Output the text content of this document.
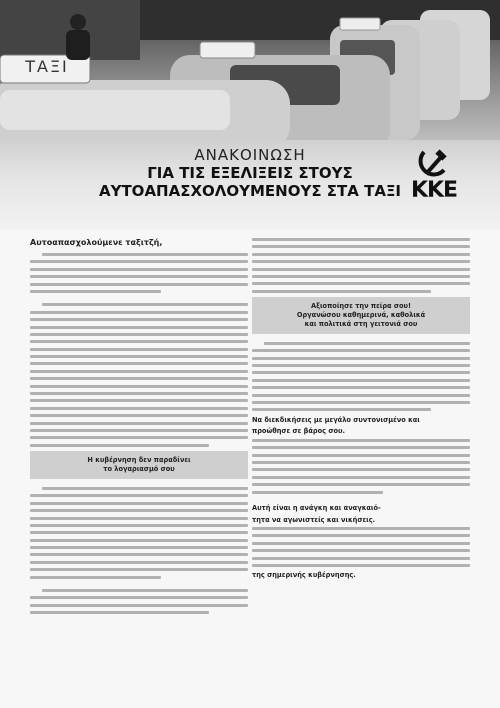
ΤΑΞΙ
ΑΝΑΚΟΙΝΩΣΗ
ΓΙΑ ΤΙΣ ΕΞΕΛΙΞΕΙΣ ΣΤΟΥΣ
ΑΥΤΟΑΠΑΣΧΟΛΟΥΜΕΝΟΥΣ ΣΤΑ ΤΑΞΙ ΚΚΕ
Αυτοαπασχολούμενε ταξιτζή,
Η κυβέρνηση δεν παραδίνει
το λογαριασμό σου
Αξιοποίησε την πείρα σου!
Οργανώσου καθημερινά, καθολικά
και πολιτικά στη γειτονιά σου
Να διεκδικήσεις με μεγάλο συντονισμένο και
προώθησε σε βάρος σου.
Αυτή είναι η ανάγκη και αναγκαιό-
τητα να αγωνιστείς και νικήσεις.
της σημερινής κυβέρνησης.
